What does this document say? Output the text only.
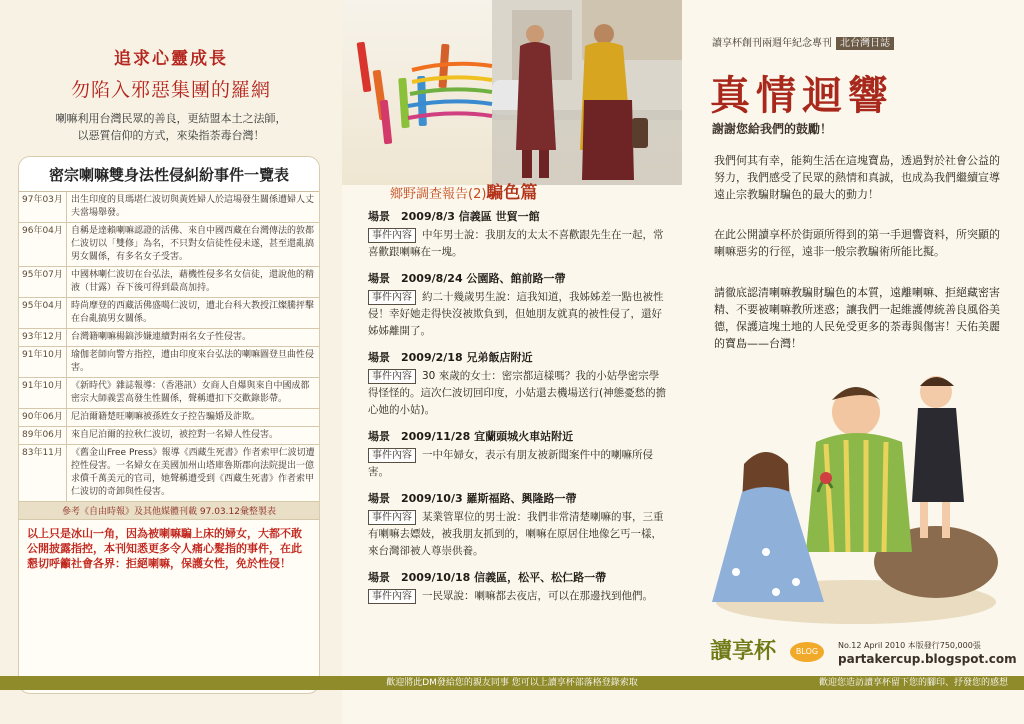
追求心靈成長
勿陷入邪惡集團的羅網
喇嘛利用台灣民眾的善良，更結盟本土之法師，
以惡質信仰的方式，來染指荼毒台灣！
密宗喇嘛雙身法性侵糾紛事件一覽表
97年03月 出生印度的貝瑪堪仁波切與黃姓婦人於這場發生關係遭婦人丈夫當場舉發。
96年04月 自稱是達賴喇嘛認證的活佛、來自中國西藏在台灣傳法的敦都仁波切以「雙修」為名，不只對女信徒性侵未遂，甚至還亂搞男女關係，有多名女子受害。
95年07月 中國林喇仁波切在台弘法，藉機性侵多名女信徒，還說他的精液（甘露）吞下後可得到最高加持。
95年04月 時尚摩登的西藏活佛盛噶仁波切，遭北台科大教授江燦騰抨擊在台亂搞男女關係。
93年12月 台灣籍喇嘛楊鎬涉嫌連續對兩名女子性侵害。
91年10月 瑜伽老師向警方指控，遭由印度來台弘法的喇嘛圖登旦曲性侵害。
91年10月 《新時代》雜誌報導：（香港訊）女商人自爆與來自中國成都密宗大師義雲高發生性關係，聲稱遭扣下交歡錄影帶。
90年06月 尼泊爾籍楚旺喇嘛被孫姓女子控告騙婚及詐欺。
89年06月 來自尼泊爾的拉秋仁波切，被控對一名婦人性侵害。
83年11月 《舊金山Free Press》報導《西藏生死書》作者索甲仁波切遭控性侵害。一名婦女在美國加州山塔庫魯斯郡向法院提出一億求償千萬美元的官司，她聲稱遭受到《西藏生死書》作者索甲仁波切的奇卸與性侵害。
參考《自由時報》及其他媒體刊載 97.03.12彙整製表
以上只是冰山一角，因為被喇嘛騙上床的婦女，大都不敢公開披露指控，本刊知悉更多令人痛心髮指的事件，在此懇切呼籲社會各界：拒絕喇嘛，保護女性，免於性侵！
鄉野調查報告(2)騙色篇
場景　 2009/8/3 信義區 世貿一館
事件內容 中年男士說：我朋友的太太不喜歡跟先生在一起，常喜歡跟喇嘛在一塊。
場景　 2009/8/24 公園路、館前路一帶
事件內容 約二十幾歲男生說：這我知道，我姊姊差一點也被性侵！幸好她走得快沒被欺負到，但她朋友就真的被性侵了，還好姊姊離開了。
場景　 2009/2/18 兄弟飯店附近
事件內容 30 來歲的女士：密宗都這樣嗎？我的小姑學密宗學得怪怪的。這次仁波切回印度，小姑還去機場送行(神態憂愁的擔心她的小姑)。
場景　 2009/11/28 宜蘭頭城火車站附近
事件內容 一中年婦女，表示有朋友被新聞案件中的喇嘛所侵害。
場景　 2009/10/3 羅斯福路、興隆路一帶
事件內容 某業管單位的男士說：我們非常清楚喇嘛的事，三重有喇嘛去嫖妓，被我朋友抓到的，喇嘛在原居住地像乞丐一樣，來台灣卻被人尊崇供養。
場景　 2009/10/18 信義區，松平、松仁路一帶
事件內容 一民眾說：喇嘛都去夜店，可以在那邊找到他們。
讀享杯創刊兩週年紀念專刊 北台灣日誌
真情迴響
謝謝您給我們的鼓勵！
我們何其有幸，能夠生活在這塊寶島，透過對於社會公益的努力，我們感受了民眾的熱情和真誠，也成為我們繼續宣導遠止宗教騙財騙色的最大的動力！
在此公開讀享杯於街頭所得到的第一手迴響資料，所突顯的喇嘛惡劣的行徑，遠非一般宗教騙術所能比擬。
請徹底認清喇嘛教騙財騙色的本質，遠離喇嘛、拒絕藏密害精、不要被喇嘛教所迷惑；讓我們一起維護傳統善良風俗美德，保護這塊土地的人民免受更多的荼毒與傷害！天佑美麗的寶島——台灣！
讀享杯	BLOG
No.12 April 2010 本版發行750,000張
partakercup.blogspot.com
歡迎將此DM發給您的親友同事 您可以上讀享杯部落格登錄索取	歡迎您造訪讀享杯留下您的腳印、抒發您的感想
